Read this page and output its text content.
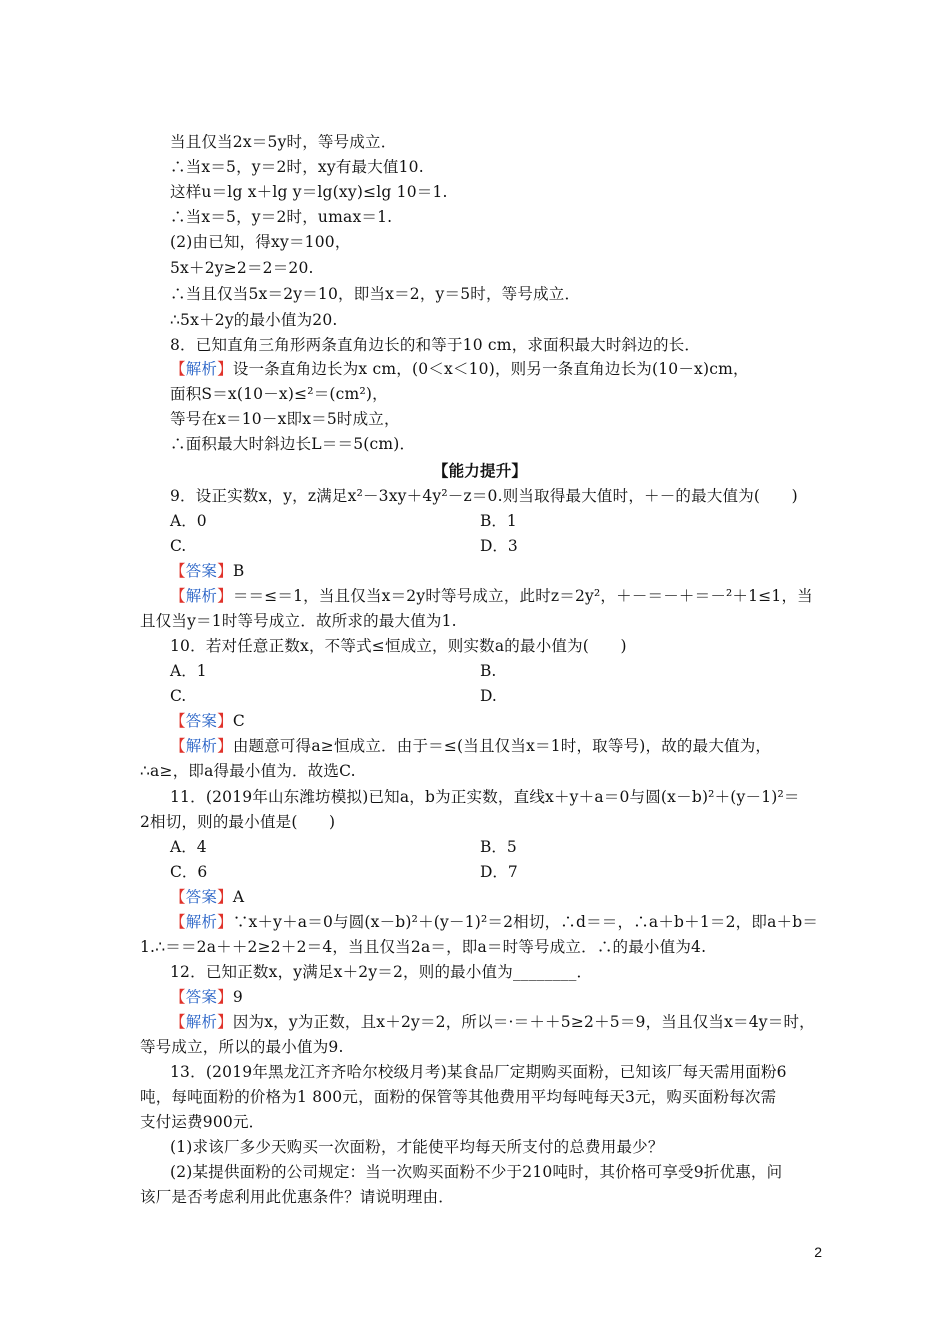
当且仅当2x＝5y时，等号成立．
∴当x＝5，y＝2时，xy有最大值10.
这样u＝lg x＋lg y＝lg(xy)≤lg 10＝1.
∴当x＝5，y＝2时，umax＝1.
(2)由已知，得xy＝100，
5x＋2y≥2＝2＝20.
∴当且仅当5x＝2y＝10，即当x＝2，y＝5时，等号成立．
∴5x＋2y的最小值为20.
8．已知直角三角形两条直角边长的和等于10 cm，求面积最大时斜边的长．
【解析】设一条直角边长为x cm，(0＜x＜10)，则另一条直角边长为(10－x)cm，
面积S＝x(10－x)≤²＝(cm²)，
等号在x＝10－x即x＝5时成立，
∴面积最大时斜边长L＝＝5(cm)．
【能力提升】
9．设正实数x，y，z满足x²－3xy＋4y²－z＝0.则当取得最大值时，＋－的最大值为(　　)
A．0	B．1
C.	D．3
【答案】B
【解析】＝＝≤＝1，当且仅当x＝2y时等号成立，此时z＝2y²，＋－＝－＋＝－²＋1≤1，当
且仅当y＝1时等号成立．故所求的最大值为1.
10．若对任意正数x，不等式≤恒成立，则实数a的最小值为(　　)
A．1	B.
C.	D.
【答案】C
【解析】由题意可得a≥恒成立．由于＝≤(当且仅当x＝1时，取等号)，故的最大值为，
∴a≥，即a得最小值为．故选C.
11．(2019年山东潍坊模拟)已知a，b为正实数，直线x＋y＋a＝0与圆(x－b)²＋(y－1)²＝
2相切，则的最小值是(　　)
A．4	B．5
C．6	D．7
【答案】A
【解析】∵x＋y＋a＝0与圆(x－b)²＋(y－1)²＝2相切，∴d＝＝，∴a＋b＋1＝2，即a＋b＝
1.∴＝＝2a＋＋2≥2＋2＝4，当且仅当2a＝，即a＝时等号成立．∴的最小值为4.
12．已知正数x，y满足x＋2y＝2，则的最小值为________．
【答案】9
【解析】因为x，y为正数，且x＋2y＝2，所以＝·＝＋＋5≥2＋5＝9，当且仅当x＝4y＝时，
等号成立，所以的最小值为9.
13．(2019年黑龙江齐齐哈尔校级月考)某食品厂定期购买面粉，已知该厂每天需用面粉6
吨，每吨面粉的价格为1 800元，面粉的保管等其他费用平均每吨每天3元，购买面粉每次需
支付运费900元．
(1)求该厂多少天购买一次面粉，才能使平均每天所支付的总费用最少？
(2)某提供面粉的公司规定：当一次购买面粉不少于210吨时，其价格可享受9折优惠，问
该厂是否考虑利用此优惠条件？请说明理由．
2
